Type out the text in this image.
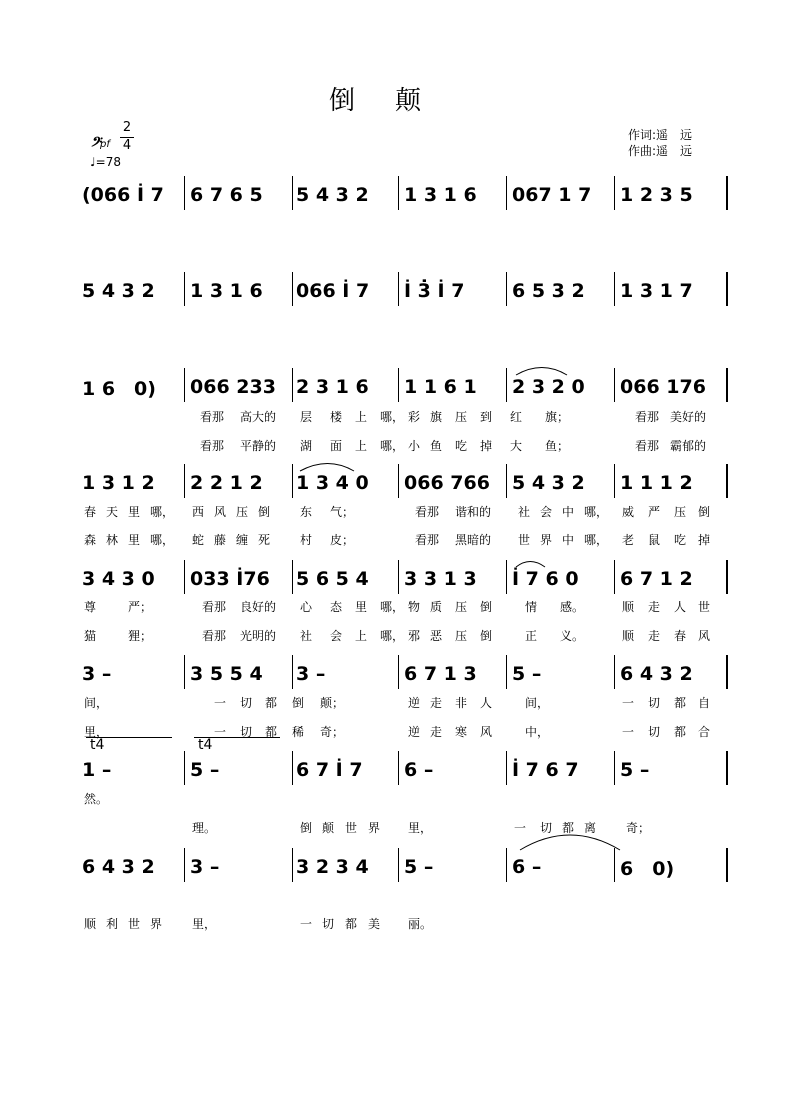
倒颠
作词:遥　远
作曲:遥　远
2
4
𝄢 pf
♩=78
(066 İ 7 6 7 6 5 5 4 3 2 1 3 1 6 067 1 7 1 2 3 5
5 4 3 2 1 3 1 6 066 İ 7 İ 3̇ İ 7	6 5 3 2 1 3 1 7
1 6　0) 066 233 2 3 1 6 1 1 6 1 2 3 2 0 066 176
1 3 1 2 2 2 1 2 1 3 4 0 066 766 5 4 3 2 1 1 1 2
3 4 3 0 033 İ76 5 6 5 4 3 3 1 3 İ 7 6 0 6 7 1 2
3 –	3 5 5 4 3 –	6 7 1 3 5 –	6 4 3 2
1 –	5 –	6 7 İ 7 6 –	İ 7 6 7 5 –
6 4 3 2 3 –	3 2 3 4 5 –	6 –	6　0)
t4	t4
看那 高大的 层 楼 上 哪， 彩 旗 压 到 红 旗；	看那 美好的
看那 平静的 湖 面 上 哪， 小 鱼 吃 掉 大 鱼；	看那 霸郁的
春 天 里 哪， 西 风 压 倒 东 气；	看那 谐和的 社 会 中 哪， 威 严 压 倒
森 林 里 哪， 蛇 藤 缠 死 村 皮；	看那 黑暗的 世 界 中 哪， 老 鼠 吃 掉
尊	严；	看那 良好的 心 态 里 哪， 物 质 压 倒	情 感。	顺 走 人 世
猫	狸；	看那 光明的 社 会 上 哪， 邪 恶 压 倒	正 义。	顺 走 春 风
间，	一 切 都 倒 颠；	逆 走 非 人	间，	一 切 都 自
里，	一 切 都 稀 奇；	逆 走 寒 风	中，	一 切 都 合
然。
理。	倒 颠 世 界 里，	一 切 都 离 奇；
顺 利 世 界 里，	一 切 都 美 丽。
